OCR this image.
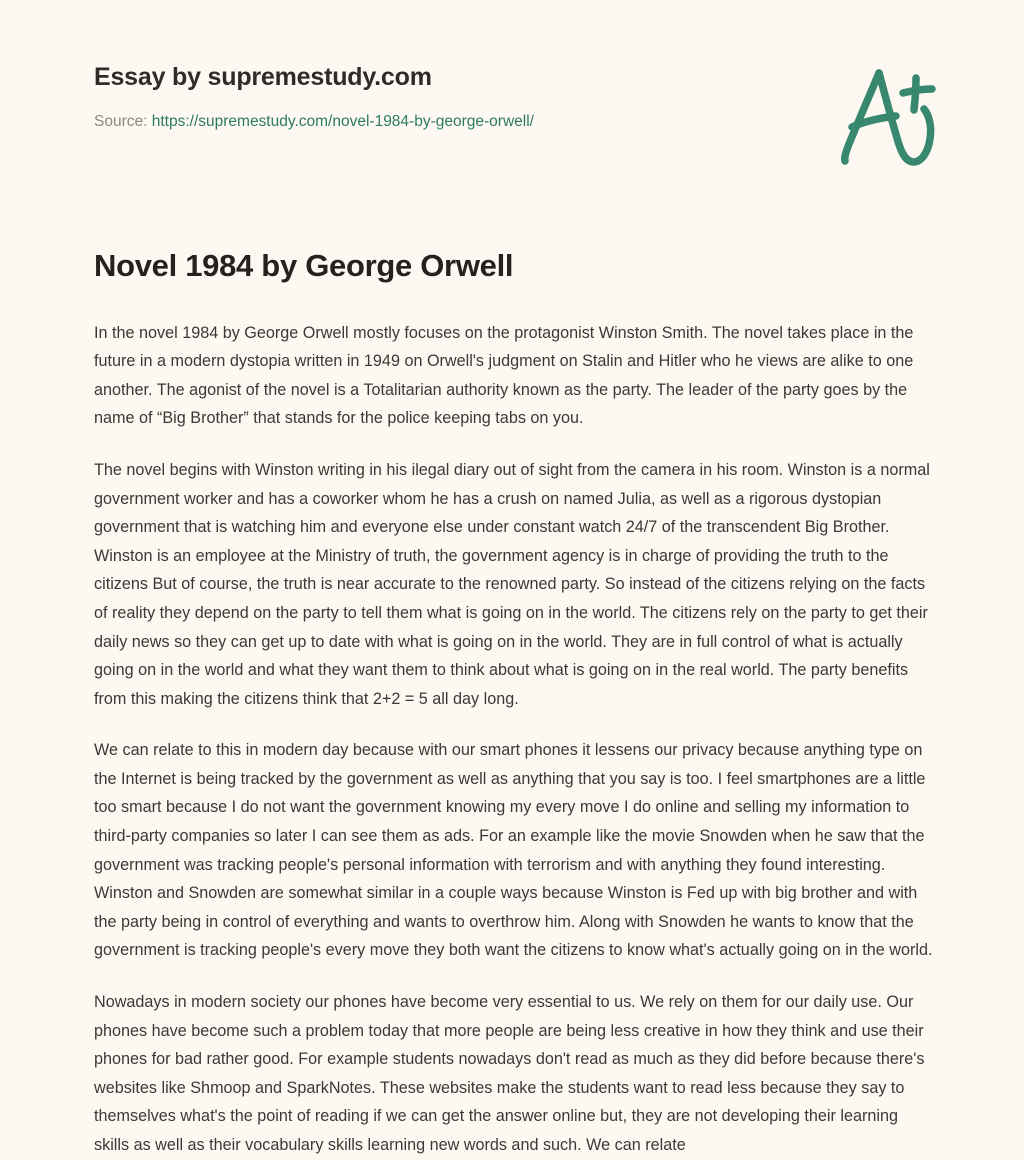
Essay by supremestudy.com
Source: https://supremestudy.com/novel-1984-by-george-orwell/
Novel 1984 by George Orwell

In the novel 1984 by George Orwell mostly focuses on the protagonist Winston Smith. The novel takes place in the future in a modern dystopia written in 1949 on Orwell's judgment on Stalin and Hitler who he views are alike to one another. The agonist of the novel is a Totalitarian authority known as the party. The leader of the party goes by the name of “Big Brother” that stands for the police keeping tabs on you.

The novel begins with Winston writing in his ilegal diary out of sight from the camera in his room. Winston is a normal government worker and has a coworker whom he has a crush on named Julia, as well as a rigorous dystopian government that is watching him and everyone else under constant watch 24/7 of the transcendent Big Brother. Winston is an employee at the Ministry of truth, the government agency is in charge of providing the truth to the citizens But of course, the truth is near accurate to the renowned party. So instead of the citizens relying on the facts of reality they depend on the party to tell them what is going on in the world. The citizens rely on the party to get their daily news so they can get up to date with what is going on in the world. They are in full control of what is actually going on in the world and what they want them to think about what is going on in the real world. The party benefits from this making the citizens think that 2+2 = 5 all day long.

We can relate to this in modern day because with our smart phones it lessens our privacy because anything type on the Internet is being tracked by the government as well as anything that you say is too. I feel smartphones are a little too smart because I do not want the government knowing my every move I do online and selling my information to third-party companies so later I can see them as ads. For an example like the movie Snowden when he saw that the government was tracking people's personal information with terrorism and with anything they found interesting. Winston and Snowden are somewhat similar in a couple ways because Winston is Fed up with big brother and with the party being in control of everything and wants to overthrow him. Along with Snowden he wants to know that the government is tracking people's every move they both want the citizens to know what's actually going on in the world.

Nowadays in modern society our phones have become very essential to us. We rely on them for our daily use. Our phones have become such a problem today that more people are being less creative in how they think and use their phones for bad rather good. For example students nowadays don't read as much as they did before because there's websites like Shmoop and SparkNotes. These websites make the students want to read less because they say to themselves what's the point of reading if we can get the answer online but, they are not developing their learning skills as well as their vocabulary skills learning new words and such. We can relate
